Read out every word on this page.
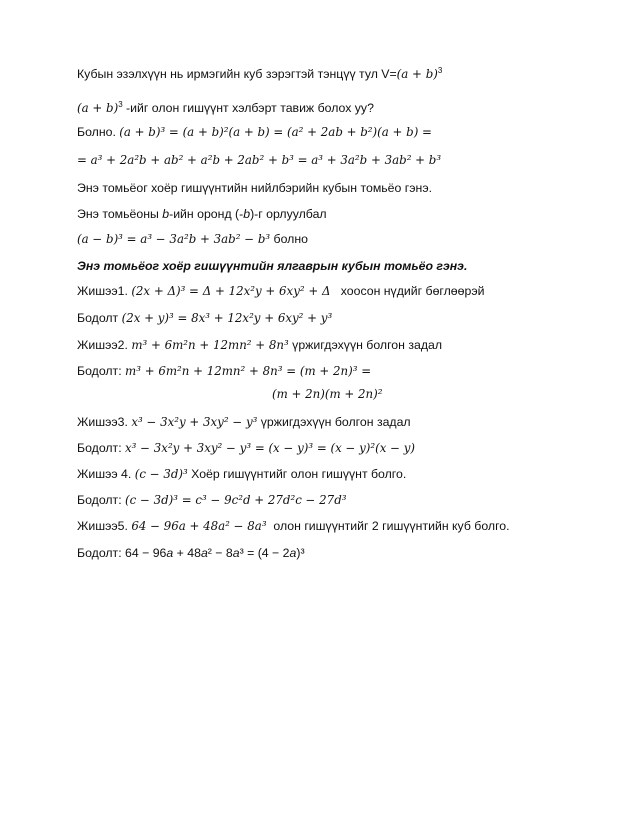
Кубын эзэлхүүн нь ирмэгийн куб зэрэгтэй тэнцүү тул $V=(a + b)^3$
$(a + b)^3$ -ийг олон гишүүнт хэлбэрт тавиж болох уу?
Болно. (a + b)³ = (a + b)²(a + b) = (a² + 2ab + b²)(a + b) =
= a³ + 2a²b + ab² + a²b + 2ab² + b³ = a³ + 3a²b + 3ab² + b³
Энэ томьёог хоёр гишүүнтийн нийлбэрийн кубын томьёо гэнэ.
Энэ томьёоны b-ийн оронд (-b)-г орлуулбал
(a − b)³ = a³ − 3a²b + 3ab² − b³ болно
Энэ томьёог хоёр гишүүнтийн ялгаврын кубын томьёо гэнэ.
Жишээ1. (2x + Δ)³ = Δ + 12x²y + 6xy² + Δ   хоосон нүдийг бөглөөрэй
Бодолт (2x + y)³ = 8x³ + 12x²y + 6xy² + y³
Жишээ2. m³ + 6m²n + 12mn² + 8n³ үржигдэхүүн болгон задал
Бодолт: m³ + 6m²n + 12mn² + 8n³ = (m + 2n)³ =
(m + 2n)(m + 2n)²
Жишээ3. x³ − 3x²y + 3xy² − y³ үржигдэхүүн болгон задал
Бодолт: x³ − 3x²y + 3xy² − y³ = (x − y)³ = (x − y)²(x − y)
Жишээ 4. (c − 3d)³ Хоёр гишүүнтийг олон гишүүнт болго.
Бодолт: (c − 3d)³ = c³ − 9c²d + 27d²c − 27d³
Жишээ5. 64 − 96a + 48a² − 8a³  олон гишүүнтийг 2 гишүүнтийн куб болго.
Бодолт: 64 − 96a + 48a² − 8a³ = (4 − 2a)³
